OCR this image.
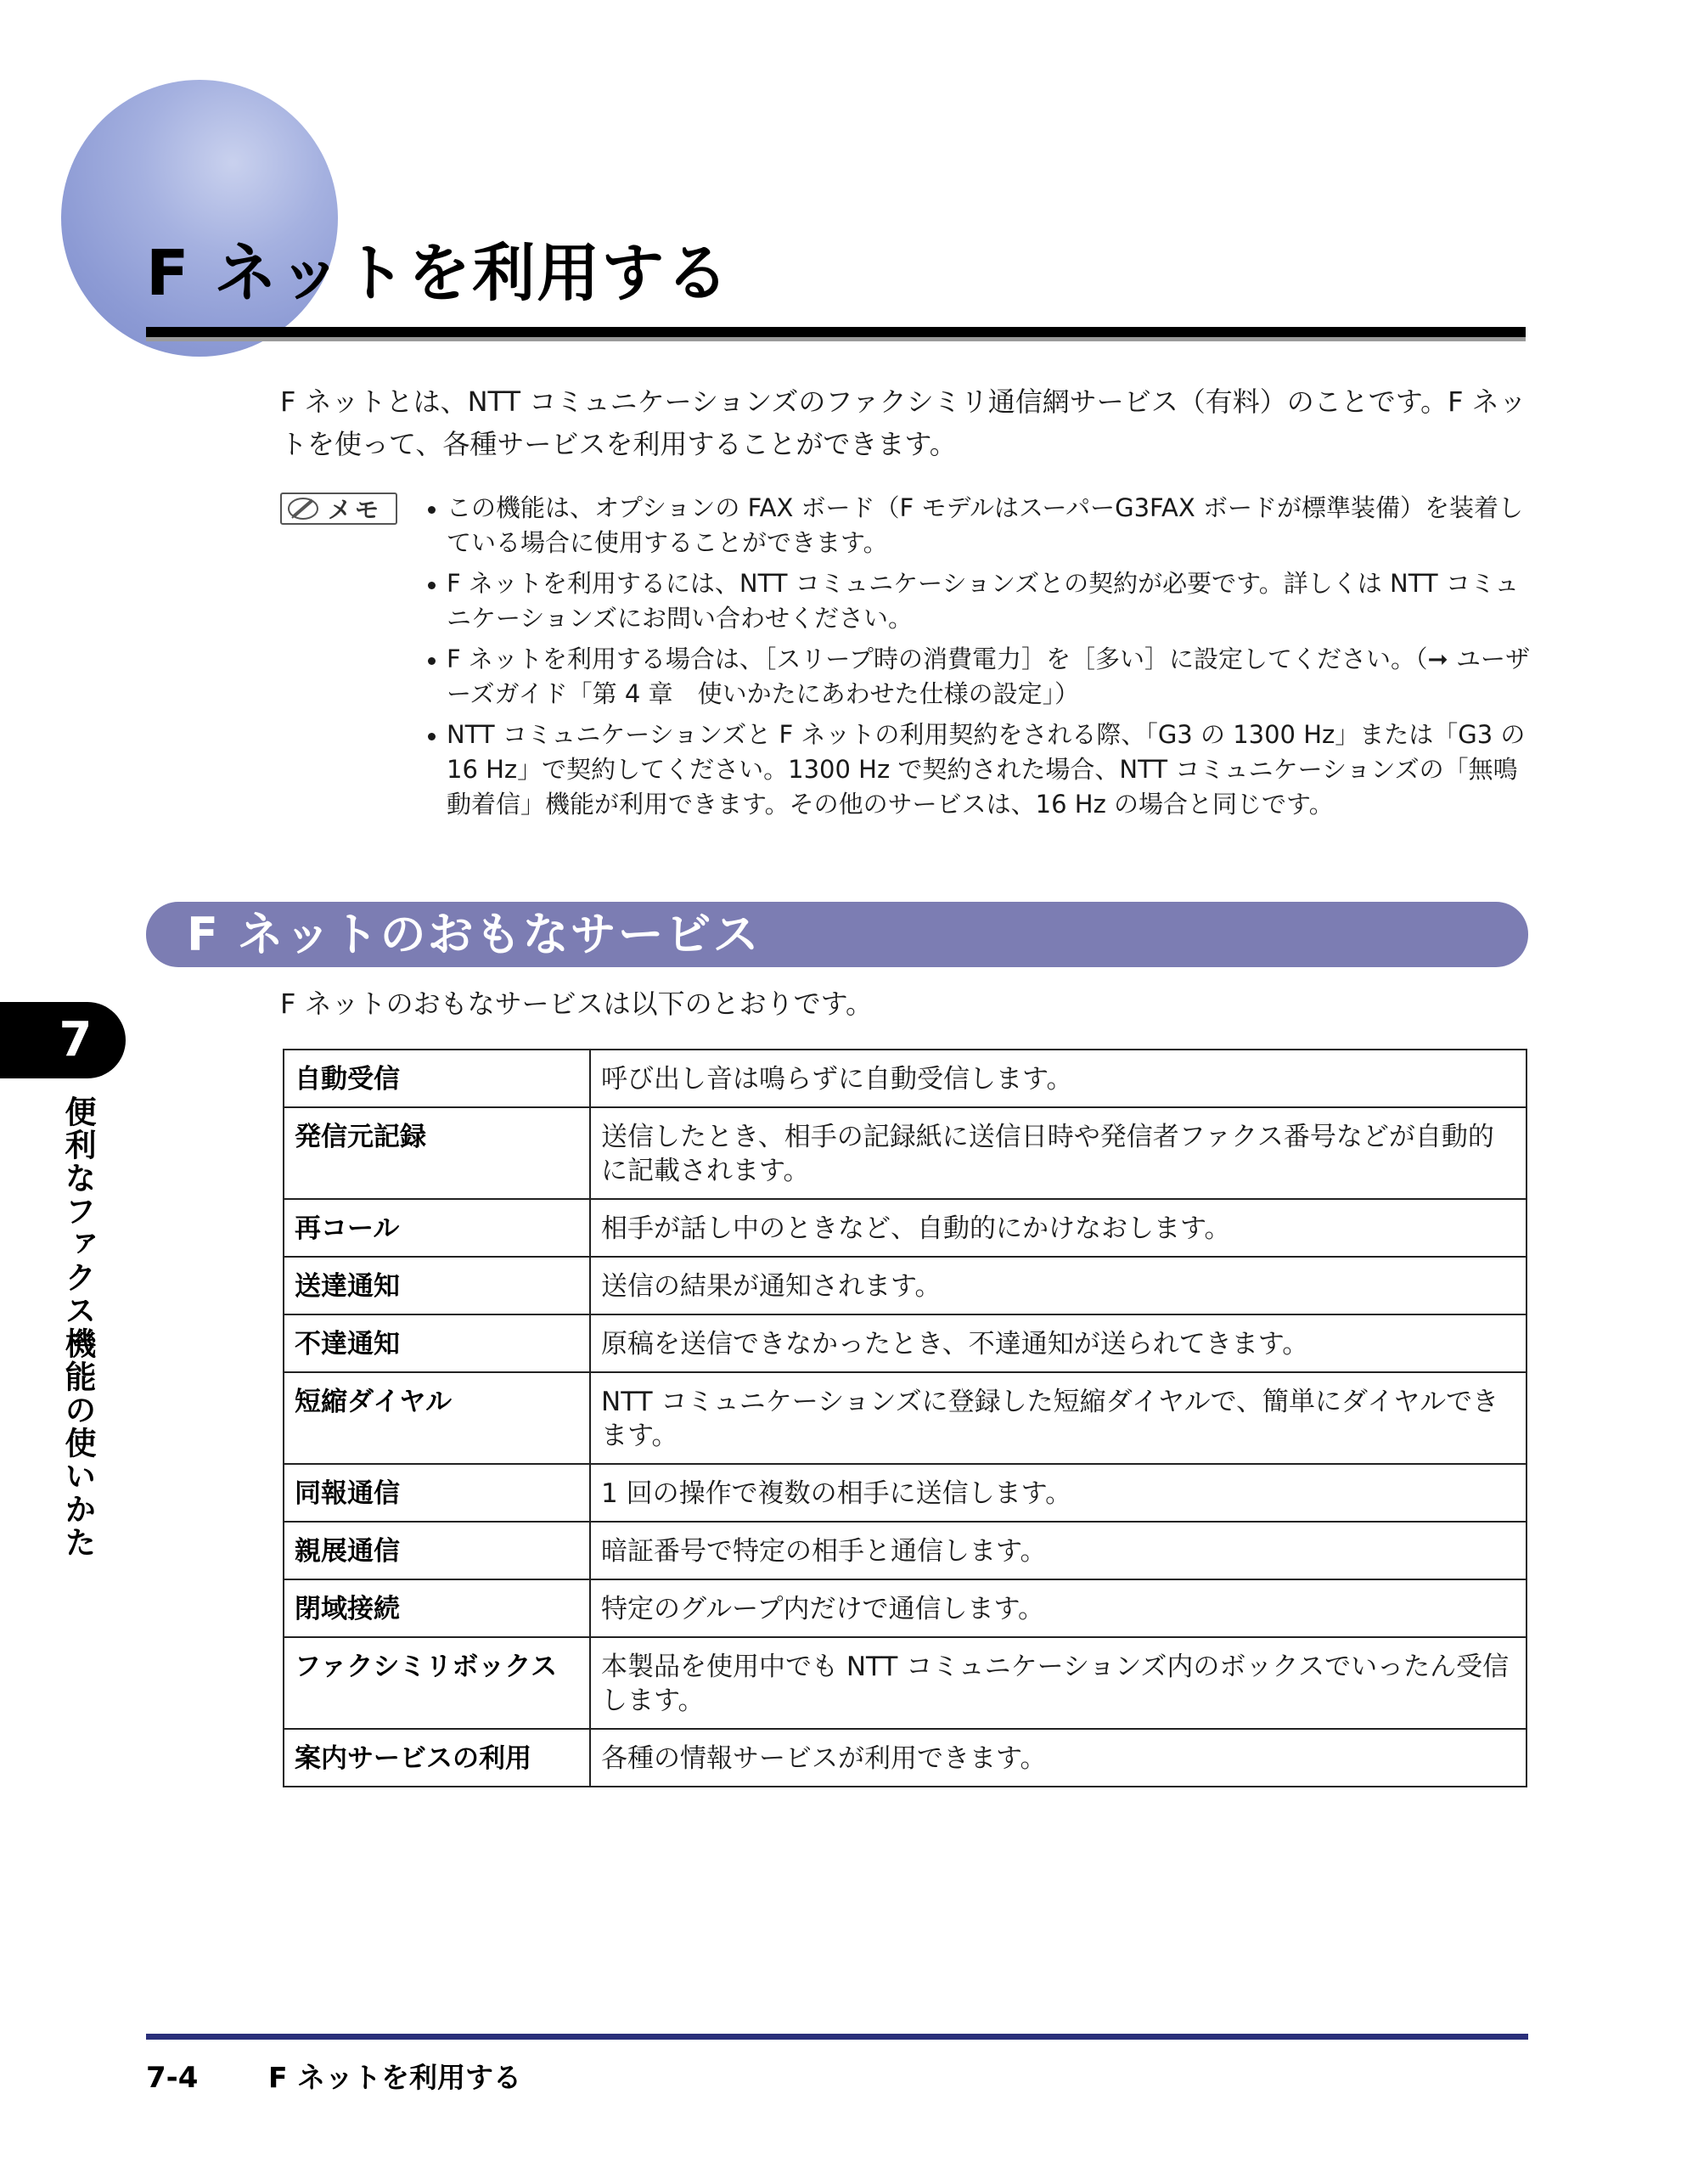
F ネットを利用する

F ネットとは、NTT コミュニケーションズのファクシミリ通信網サービス（有料）のことです。F ネットを使って、各種サービスを利用することができます。

メモ	この機能は、オプションの FAX ボード（F モデルはスーパーG3FAX ボードが標準装備）を装着している場合に使用することができます。
F ネットを利用するには、NTT コミュニケーションズとの契約が必要です。詳しくは NTT コミュニケーションズにお問い合わせください。
F ネットを利用する場合は、［スリープ時の消費電力］を［多い］に設定してください。（➞ ユーザーズガイド「第 4 章　使いかたにあわせた仕様の設定」）
NTT コミュニケーションズと F ネットの利用契約をされる際、「G3 の 1300 Hz」または「G3 の 16 Hz」で契約してください。1300 Hz で契約された場合、NTT コミュニケーションズの「無鳴動着信」機能が利用できます。その他のサービスは、16 Hz の場合と同じです。
F ネットのおもなサービス

F ネットのおもなサービスは以下のとおりです。

自動受信	呼び出し音は鳴らずに自動受信します。
発信元記録	送信したとき、相手の記録紙に送信日時や発信者ファクス番号などが自動的に記載されます。
再コール	相手が話し中のときなど、自動的にかけなおします。
送達通知	送信の結果が通知されます。
不達通知	原稿を送信できなかったとき、不達通知が送られてきます。
短縮ダイヤル	NTT コミュニケーションズに登録した短縮ダイヤルで、簡単にダイヤルできます。
同報通信	1 回の操作で複数の相手に送信します。
親展通信	暗証番号で特定の相手と通信します。
閉域接続	特定のグループ内だけで通信します。
ファクシミリボックス	本製品を使用中でも NTT コミュニケーションズ内のボックスでいったん受信します。
案内サービスの利用	各種の情報サービスが利用できます。
7
便利なファクス機能の使いかた
7-4	F ネットを利用する
